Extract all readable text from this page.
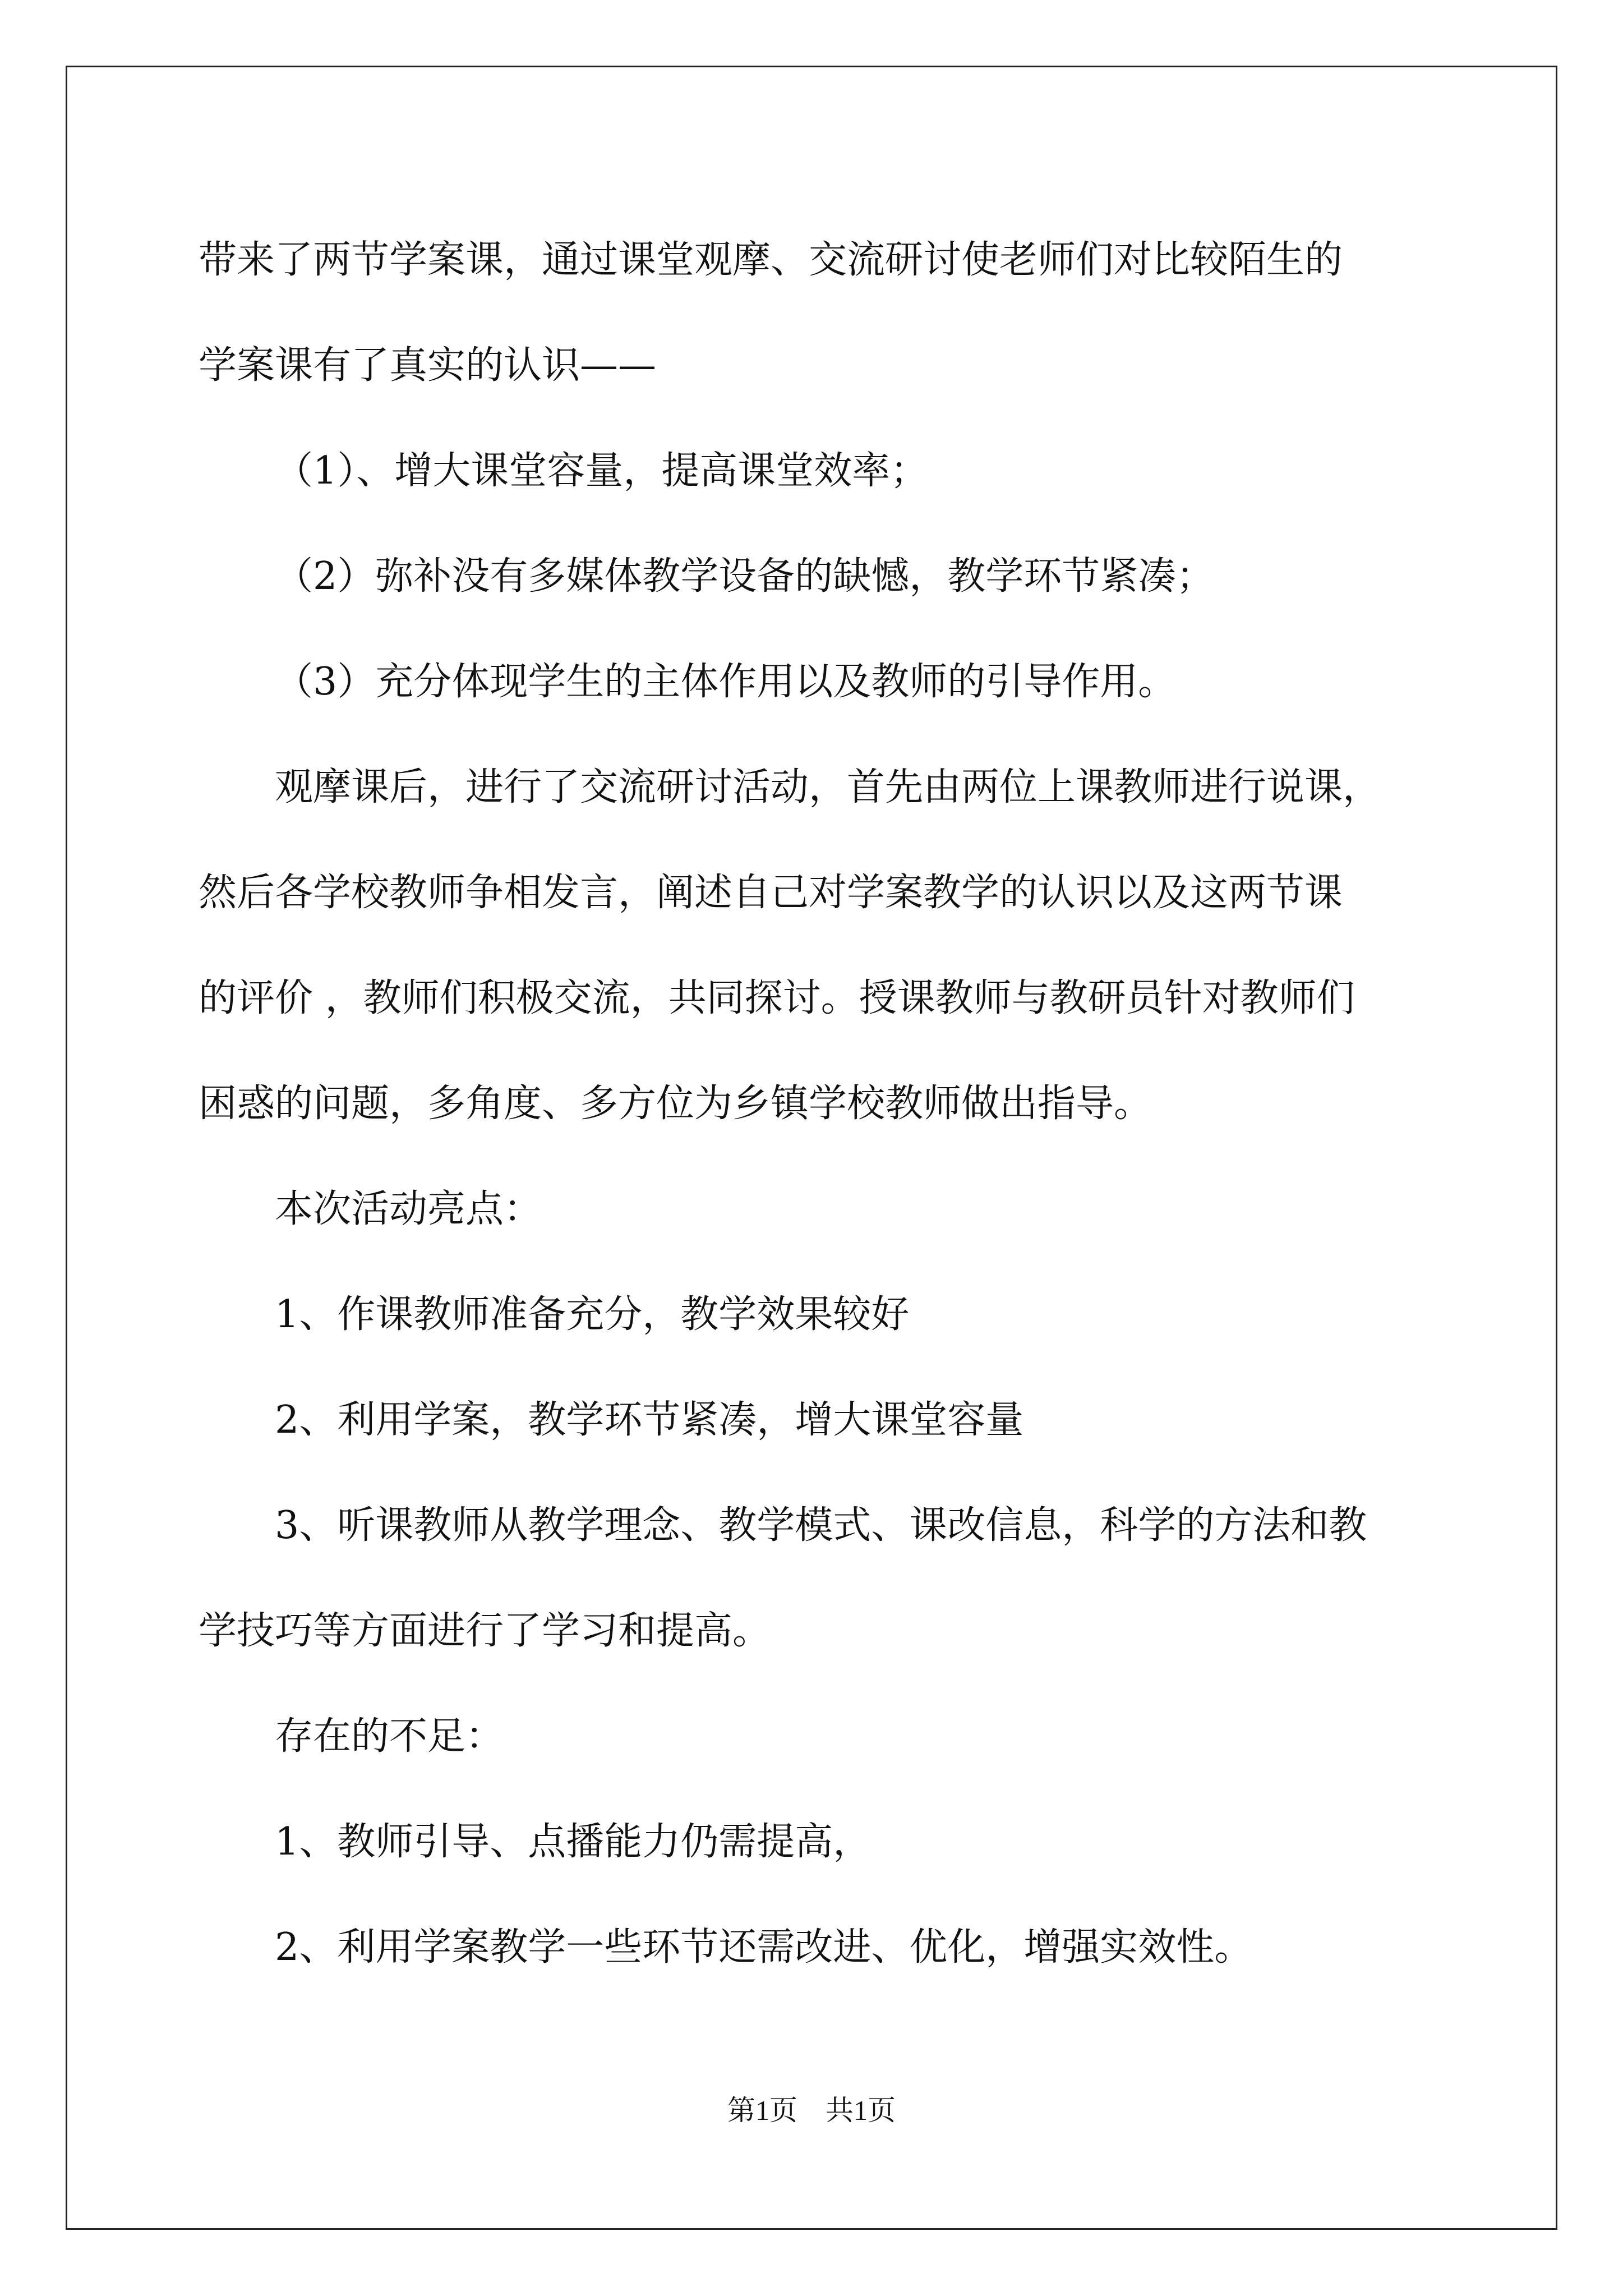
带来了两节学案课，通过课堂观摩、交流研讨使老师们对比较陌生的
学案课有了真实的认识——
（1）、增大课堂容量，提高课堂效率；
（2）弥补没有多媒体教学设备的缺憾，教学环节紧凑；
（3）充分体现学生的主体作用以及教师的引导作用。
观摩课后，进行了交流研讨活动，首先由两位上课教师进行说课，
然后各学校教师争相发言，阐述自己对学案教学的认识以及这两节课
的评价 ，教师们积极交流，共同探讨。授课教师与教研员针对教师们
困惑的问题，多角度、多方位为乡镇学校教师做出指导。
本次活动亮点：
1、作课教师准备充分，教学效果较好
2、利用学案，教学环节紧凑，增大课堂容量
3、听课教师从教学理念、教学模式、课改信息，科学的方法和教
学技巧等方面进行了学习和提高。
存在的不足：
1、教师引导、点播能力仍需提高，
2、利用学案教学一些环节还需改进、优化，增强实效性。
第1页　共1页
